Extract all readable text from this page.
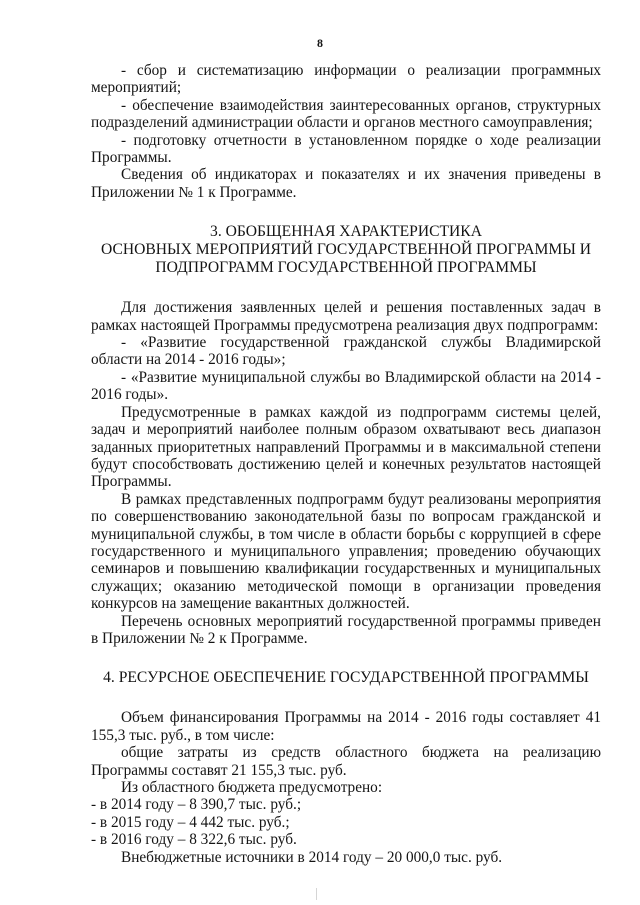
8

- сбор и систематизацию информации о реализации программных мероприятий;

- обеспечение взаимодействия заинтересованных органов, структурных подразделений администрации области и органов местного самоуправления;

- подготовку отчетности в установленном порядке о ходе реализации Программы.

Сведения об индикаторах и показателях и их значения приведены в Приложении № 1 к Программе.

3. ОБОБЩЕННАЯ ХАРАКТЕРИСТИКА
ОСНОВНЫХ МЕРОПРИЯТИЙ ГОСУДАРСТВЕННОЙ ПРОГРАММЫ И
ПОДПРОГРАММ ГОСУДАРСТВЕННОЙ ПРОГРАММЫ

Для достижения заявленных целей и решения поставленных задач в рамках настоящей Программы предусмотрена реализация двух подпрограмм:

- «Развитие государственной гражданской службы Владимирской области на 2014 - 2016 годы»;

- «Развитие муниципальной службы во Владимирской области на 2014 - 2016 годы».

Предусмотренные в рамках каждой из подпрограмм системы целей, задач и мероприятий наиболее полным образом охватывают весь диапазон заданных приоритетных направлений Программы и в максимальной степени будут способствовать достижению целей и конечных результатов настоящей Программы.

В рамках представленных подпрограмм будут реализованы мероприятия по совершенствованию законодательной базы по вопросам гражданской и муниципальной службы, в том числе в области борьбы с коррупцией в сфере государственного и муниципального управления; проведению обучающих семинаров и повышению квалификации государственных и муниципальных служащих; оказанию методической помощи в организации проведения конкурсов на замещение вакантных должностей.

Перечень основных мероприятий государственной программы приведен в Приложении № 2 к Программе.

4. РЕСУРСНОЕ ОБЕСПЕЧЕНИЕ ГОСУДАРСТВЕННОЙ ПРОГРАММЫ

Объем финансирования Программы на 2014 - 2016 годы составляет 41 155,3 тыс. руб., в том числе:

общие затраты из средств областного бюджета на реализацию Программы составят 21 155,3 тыс. руб.

Из областного бюджета предусмотрено:

- в 2014 году – 8 390,7 тыс. руб.;

- в 2015 году – 4 442 тыс. руб.;

- в 2016 году – 8 322,6 тыс. руб.

Внебюджетные источники в 2014 году – 20 000,0 тыс. руб.
